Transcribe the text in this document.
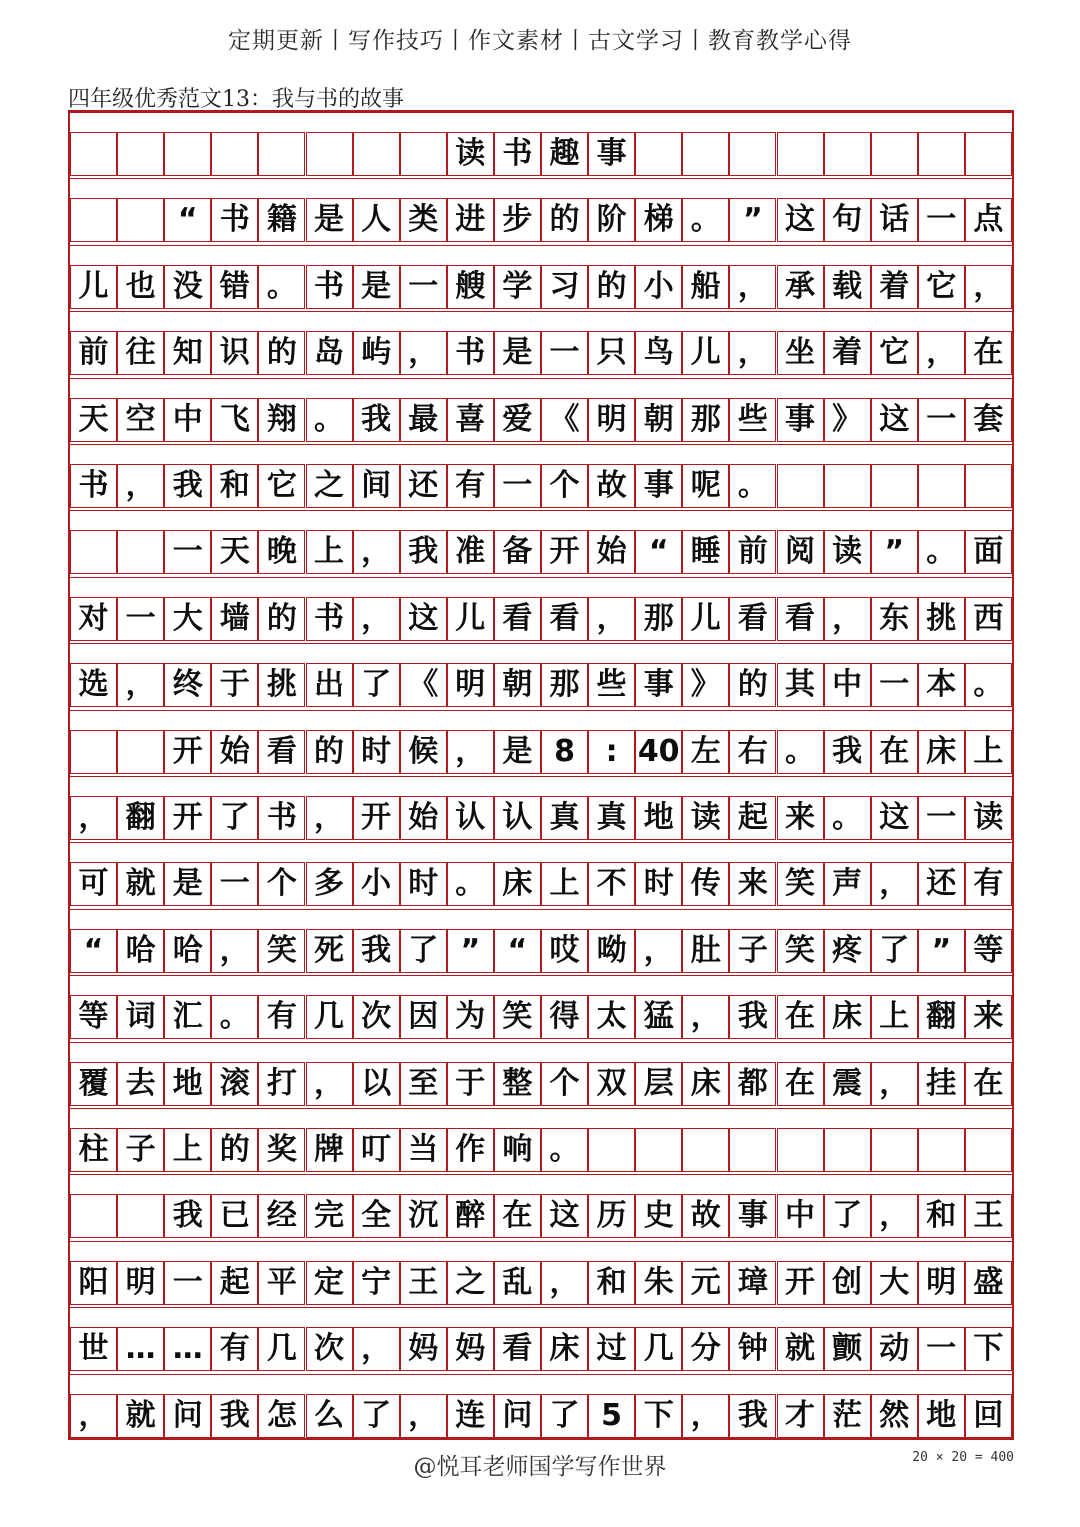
定期更新丨写作技巧丨作文素材丨古文学习丨教育教学心得
四年级优秀范文13：我与书的故事
读 书 趣 事
“ 书 籍 是 人 类 进 步 的 阶 梯 。 ” 这 句 话 一 点
儿 也 没 错 。 书 是 一 艘 学 习 的 小 船 ， 承 载 着 它 ，
前 往 知 识 的 岛 屿 ， 书 是 一 只 鸟 儿 ， 坐 着 它 ， 在
天 空 中 飞 翔 。 我 最 喜 爱 《 明 朝 那 些 事 》 这 一 套
书 ， 我 和 它 之 间 还 有 一 个 故 事 呢 。
一 天 晚 上 ， 我 准 备 开 始 “ 睡 前 阅 读 ” 。 面
对 一 大 墙 的 书 ， 这 儿 看 看 ， 那 儿 看 看 ， 东 挑 西
选 ， 终 于 挑 出 了 《 明 朝 那 些 事 》 的 其 中 一 本 。
开 始 看 的 时 候 ， 是 8	: 40 左 右 。 我 在 床 上
， 翻 开 了 书 ， 开 始 认 认 真 真 地 读 起 来 。 这 一 读
可 就 是 一 个 多 小 时 。 床 上 不 时 传 来 笑 声 ， 还 有
“ 哈 哈 ， 笑 死 我 了 ” “ 哎 呦 ， 肚 子 笑 疼 了 ” 等
等 词 汇 。 有 几 次 因 为 笑 得 太 猛 ， 我 在 床 上 翻 来
覆 去 地 滚 打 ， 以 至 于 整 个 双 层 床 都 在 震 ， 挂 在
柱 子 上 的 奖 牌 叮 当 作 响 。
我 已 经 完 全 沉 醉 在 这 历 史 故 事 中 了 ， 和 王
阳 明 一 起 平 定 宁 王 之 乱 ， 和 朱 元 璋 开 创 大 明 盛
世 … … 有 几 次 ， 妈 妈 看 床 过 几 分 钟 就 颤 动 一 下
， 就 问 我 怎 么 了 ， 连 问 了 5 下 ， 我 才 茫 然 地 回
@悦耳老师国学写作世界	20 × 20 = 400
